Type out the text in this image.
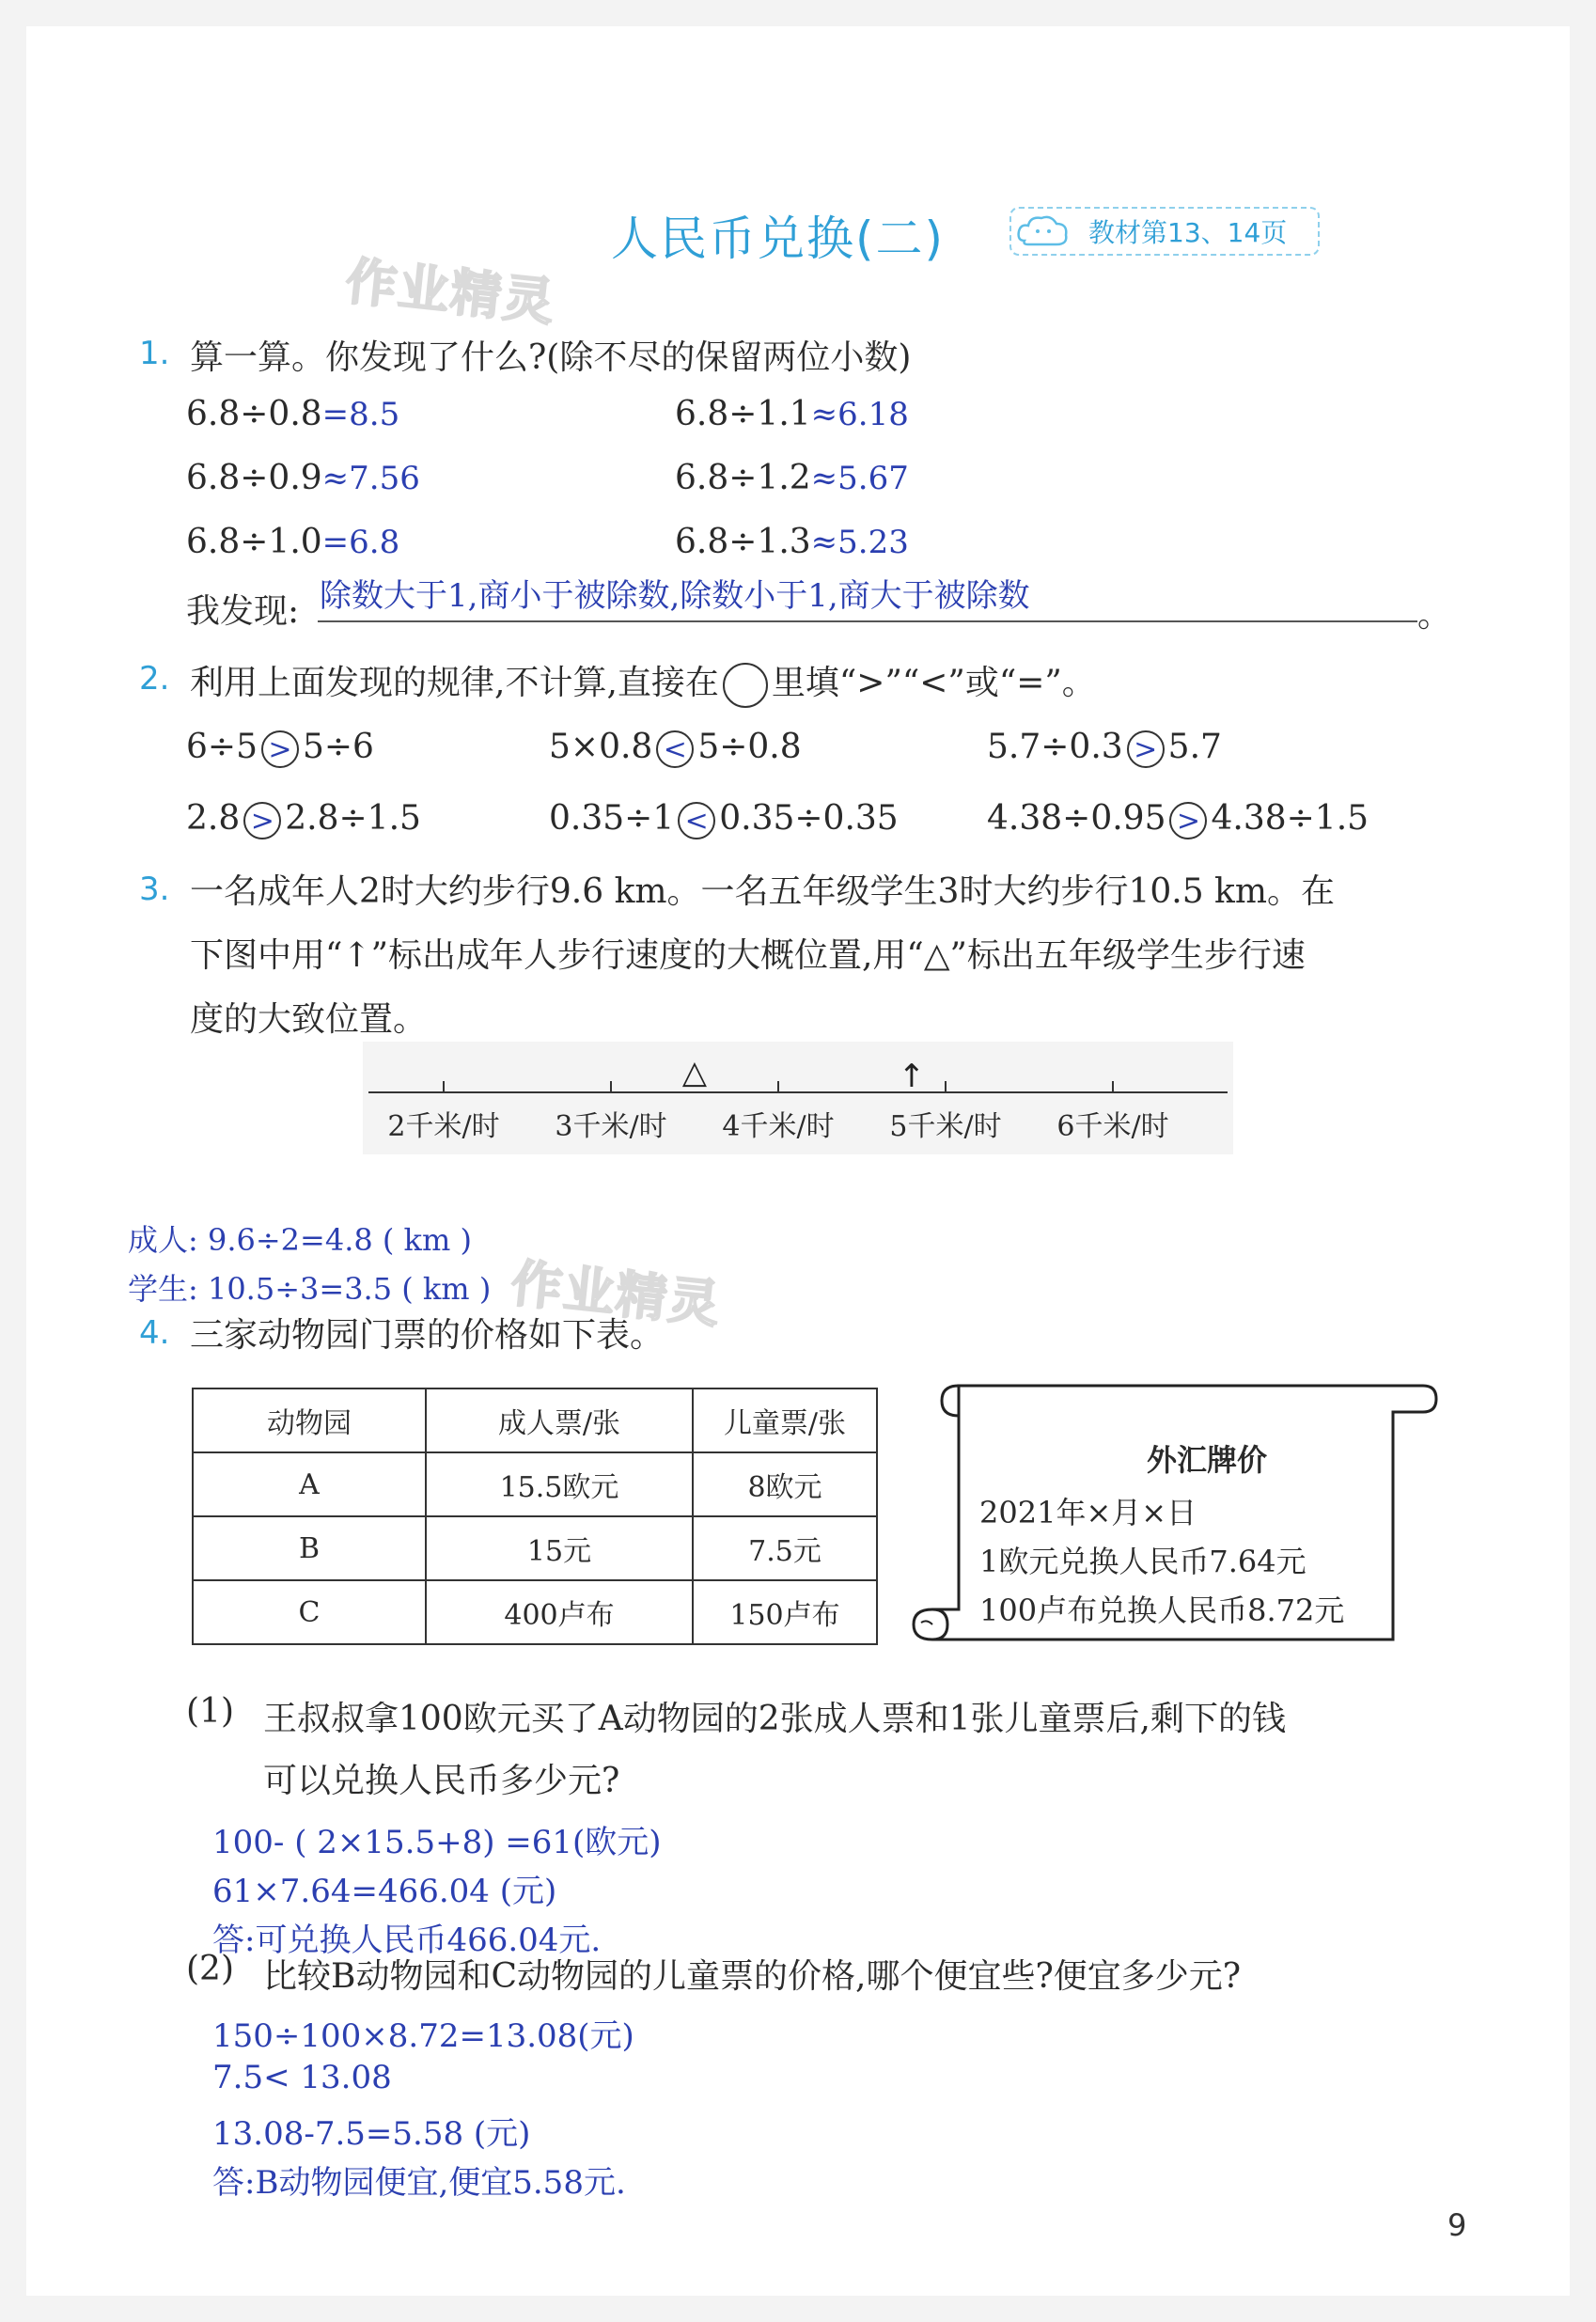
人民币兑换(二)	教材第13、14页
作业精灵
1. 算一算。你发现了什么?(除不尽的保留两位小数)
6.8÷0.8=8.5	6.8÷1.1≈6.18
6.8÷0.9≈7.56	6.8÷1.2≈5.67
6.8÷1.0=6.8	6.8÷1.3≈5.23
我发现: 除数大于1,商小于被除数,除数小于1,商大于被除数	。
2. 利用上面发现的规律,不计算,直接在 里填“>”“<”或“=”。
6÷5 > 5÷6	5×0.8 < 5÷0.8	5.7÷0.3 > 5.7
2.8 > 2.8÷1.5	0.35÷1 < 0.35÷0.35	4.38÷0.95 > 4.38÷1.5
3. 一名成年人2时大约步行9.6 km。一名五年级学生3时大约步行10.5 km。在
下图中用“↑”标出成年人步行速度的大概位置,用“△”标出五年级学生步行速
度的大致位置。
△	↑
2千米/时 3千米/时 4千米/时 5千米/时 6千米/时
成人: 9.6÷2=4.8 ( km )
学生: 10.5÷3=3.5 ( km ) 作业精灵
4. 三家动物园门票的价格如下表。
动物园	成人票/张	儿童票/张
A	15.5欧元	8欧元
B	15元	7.5元
C	400卢布	150卢布
外汇牌价
2021年×月×日
1欧元兑换人民币7.64元
100卢布兑换人民币8.72元
(1) 王叔叔拿100欧元买了A动物园的2张成人票和1张儿童票后,剩下的钱
可以兑换人民币多少元?
100- ( 2×15.5+8) =61(欧元)
61×7.64=466.04 (元)
答:可兑换人民币466.04元.
(2) 比较B动物园和C动物园的儿童票的价格,哪个便宜些?便宜多少元?
150÷100×8.72=13.08(元)
7.5< 13.08
13.08-7.5=5.58 (元)
答:B动物园便宜,便宜5.58元.
9
